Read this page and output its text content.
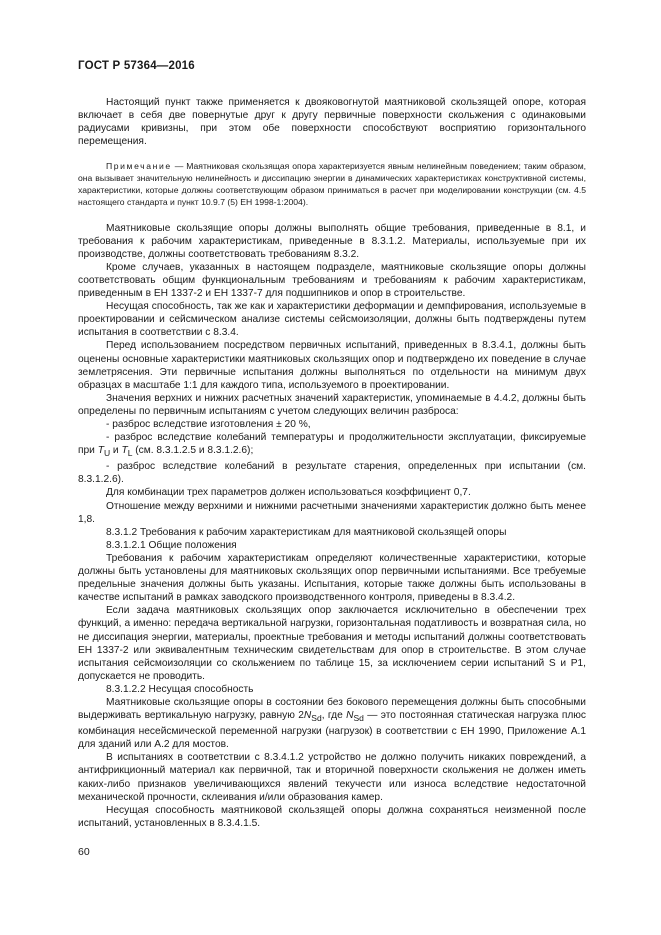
ГОСТ Р 57364—2016

Настоящий пункт также применяется к двояковогнутой маятниковой скользящей опоре, которая включает в себя две повернутые друг к другу первичные поверхности скольжения с одинаковыми радиусами кривизны, при этом обе поверхности способствуют восприятию горизонтального перемещения.

Примечание — Маятниковая скользящая опора характеризуется явным нелинейным поведением; таким образом, она вызывает значительную нелинейность и диссипацию энергии в динамических характеристиках конструктивной системы, характеристики, которые должны соответствующим образом приниматься в расчет при моделировании конструкции (см. 4.5 настоящего стандарта и пункт 10.9.7 (5) ЕН 1998-1:2004).

Маятниковые скользящие опоры должны выполнять общие требования, приведенные в 8.1, и требования к рабочим характеристикам, приведенные в 8.3.1.2. Материалы, используемые при их производстве, должны соответствовать требованиям 8.3.2.

Кроме случаев, указанных в настоящем подразделе, маятниковые скользящие опоры должны соответствовать общим функциональным требованиям и требованиям к рабочим характеристикам, приведенным в ЕН 1337-2 и ЕН 1337-7 для подшипников и опор в строительстве.

Несущая способность, так же как и характеристики деформации и демпфирования, используемые в проектировании и сейсмическом анализе системы сейсмоизоляции, должны быть подтверждены путем испытания в соответствии с 8.3.4.

Перед использованием посредством первичных испытаний, приведенных в 8.3.4.1, должны быть оценены основные характеристики маятниковых скользящих опор и подтверждено их поведение в случае землетрясения. Эти первичные испытания должны выполняться по отдельности на минимум двух образцах в масштабе 1:1 для каждого типа, используемого в проектировании.

Значения верхних и нижних расчетных значений характеристик, упоминаемые в 4.4.2, должны быть определены по первичным испытаниям с учетом следующих величин разброса:

- разброс вследствие изготовления ± 20 %,

- разброс вследствие колебаний температуры и продолжительности эксплуатации, фиксируемые при $T_U$ и $T_L$ (см. 8.3.1.2.5 и 8.3.1.2.6);

- разброс вследствие колебаний в результате старения, определенных при испытании (см. 8.3.1.2.6).

Для комбинации трех параметров должен использоваться коэффициент 0,7.

Отношение между верхними и нижними расчетными значениями характеристик должно быть менее 1,8.

8.3.1.2 Требования к рабочим характеристикам для маятниковой скользящей опоры

8.3.1.2.1 Общие положения

Требования к рабочим характеристикам определяют количественные характеристики, которые должны быть установлены для маятниковых скользящих опор первичными испытаниями. Все требуемые предельные значения должны быть указаны. Испытания, которые также должны быть использованы в качестве испытаний в рамках заводского производственного контроля, приведены в 8.3.4.2.

Если задача маятниковых скользящих опор заключается исключительно в обеспечении трех функций, а именно: передача вертикальной нагрузки, горизонтальная податливость и возвратная сила, но не диссипация энергии, материалы, проектные требования и методы испытаний должны соответствовать ЕН 1337-2 или эквивалентным техническим свидетельствам для опор в строительстве. В этом случае испытания сейсмоизоляции со скольжением по таблице 15, за исключением серии испытаний S и P1, допускается не проводить.

8.3.1.2.2 Несущая способность

Маятниковые скользящие опоры в состоянии без бокового перемещения должны быть способными выдерживать вертикальную нагрузку, равную $2N_{Sd}$, где $N_{Sd}$ — это постоянная статическая нагрузка плюс комбинация несейсмической переменной нагрузки (нагрузок) в соответствии с ЕН 1990, Приложение А.1 для зданий или А.2 для мостов.

В испытаниях в соответствии с 8.3.4.1.2 устройство не должно получить никаких повреждений, а антифрикционный материал как первичной, так и вторичной поверхности скольжения не должен иметь каких-либо признаков увеличивающихся явлений текучести или износа вследствие недостаточной механической прочности, склеивания и/или образования камер.

Несущая способность маятниковой скользящей опоры должна сохраняться неизменной после испытаний, установленных в 8.3.4.1.5.

60
